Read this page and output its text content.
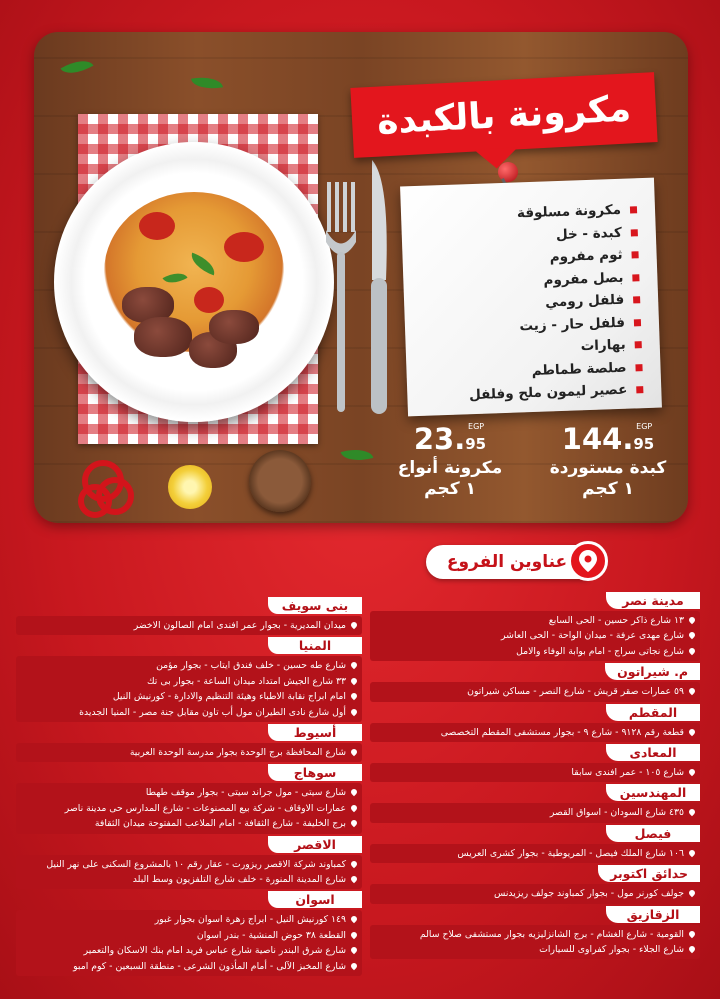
مكرونة بالكبدة
مكرونة مسلوقة
كبدة - خل
ثوم مفروم
بصل مفروم
فلفل رومي
فلفل حار - زيت
بهارات
صلصة طماطم
عصير ليمون ملح وفلفل
144.95
EGP
كبدة مستوردة
١ كجم
23.95
EGP
مكرونة أنواع
١ كجم
عناوين الفروع
مدينة نصر
١٣ شارع ذاكر حسين - الحى السابع
شارع مهدى عرفة - ميدان الواحة - الحى العاشر
شارع نجاتى سراج - امام بوابة الوفاء والامل
م. شيراتون
٥٩ عمارات صقر قريش - شارع النصر - مساكن شيراتون
المقطم
قطعة رقم ٩١٢٨ - شارع ٩ - بجوار مستشفى المقطم التخصصى
المعادى
شارع ١٠٥ - عمر افندى سابقا
المهندسين
٤٣٥ شارع السودان - اسواق القصر
فيصل
١٠٦ شارع الملك فيصل - المريوطية - بجوار كشرى العريس
حدائق اكتوبر
جولف كورنر مول - بجوار كمباوند جولف ريزيدنس
الزقازيق
القومية - شارع الغشام - برج الشانزليزيه بجوار مستشفى صلاح سالم
شارع الجلاء - بجوار كفراوى للسيارات
بنى سويف
ميدان المديرية - بجوار عمر افندى امام الصالون الاخضر
المنيا
شارع طه حسين - خلف فندق ايتاب - بجوار مؤمن
٣٣ شارع الجيش امتداد ميدان الساعة - بجوار بى تك
امام ابراج نقابة الاطباء وهيئة التنظيم والادارة - كورنيش النيل
أول شارع نادى الطيران مول أب تاون مقابل جنة مصر - المنيا الجديدة
أسيوط
شارع المحافظة برج الوحدة بجوار مدرسة الوحدة العربية
سوهاج
شارع سيتى - مول جراند سيتى - بجوار موقف طهطا
عمارات الاوقاف - شركة بيع المصنوعات - شارع المدارس حى مدينة ناصر
برج الخليفة - شارع الثقافة - امام الملاعب المفتوحة ميدان الثقافة
الاقصر
كمباوند شركة الاقصر ريزورت - عقار رقم ١٠ بالمشروع السكنى على نهر النيل
شارع المدينة المنورة - خلف شارع التلفزيون وسط البلد
اسوان
١٤٩ كورنيش النيل - ابراج زهرة اسوان بجوار غبور
القطعة ٣٨ حوض المنشية - بندر اسوان
شارع شرق البندر ناصية شارع عباس فريد امام بنك الاسكان والتعمير
شارع المخبز الآلى - أمام المأذون الشرعى - منطقة السبعين - كوم امبو
